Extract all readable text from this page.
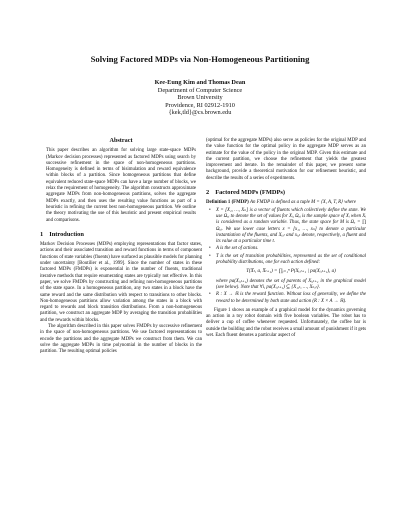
Solving Factored MDPs via Non-Homogeneous Partitioning
Kee-Eung Kim and Thomas Dean
Department of Computer Science
Brown University
Providence, RI 02912-1910
{kek,tld}@cs.brown.edu
Abstract

This paper describes an algorithm for solving large state-space MDPs (Markov decision processes) represented as factored MDPs using search by successive refinement in the space of non-homogeneous partitions. Homogeneity is defined in terms of bisimulation and reward equivalence within blocks of a partition. Since homogeneous partitions that define equivalent reduced state-space MDPs can have a large number of blocks, we relax the requirement of homogeneity. The algorithm constructs approximate aggregate MDPs from non-homogeneous partitions, solves the aggregate MDPs exactly, and then uses the resulting value functions as part of a heuristic in refining the current best non-homogeneous partition. We outline the theory motivating the use of this heuristic and present empirical results and comparisons.

1 Introduction

Markov Decision Processes (MDPs) employing representations that factor states, actions and their associated transition and reward functions in terms of component functions of state variables (fluents) have surfaced as plausible models for planning under uncertainty [Boutilier et al., 1999]. Since the number of states in these factored MDPs (FMDPs) is exponential in the number of fluents, traditional iterative methods that require enumerating states are typically not effective. In this paper, we solve FMDPs by constructing and refining non-homogeneous partitions of the state space. In a homogeneous partition, any two states in a block have the same reward and the same distribution with respect to transitions to other blocks. Non-homogeneous partitions allow variation among the states in a block with regard to rewards and block transition distributions. From a non-homogeneous partition, we construct an aggregate MDP by averaging the transition probabilities and the rewards within blocks.

The algorithm described in this paper solves FMDPs by successive refinement in the space of non-homogeneous partitions. We use factored representations to encode the partitions and the aggregate MDPs we construct from them. We can solve the aggregate MDPs in time polynomial in the number of blocks in the partition. The resulting optimal policies

(optimal for the aggregate MDPs) also serve as policies for the original MDP and the value function for the optimal policy in the aggregate MDP serves as an estimate for the value of the policy in the original MDP. Given this estimate and the current partition, we choose the refinement that yields the greatest improvement and iterate. In the remainder of this paper, we present some background, provide a theoretical motivation for our refinement heuristic, and describe the results of a series of experiments.

2 Factored MDPs (FMDPs)

Definition 1 (FMDP) An FMDP is defined as a tuple M = ⟨X, A, T, R⟩ where

• X = [X₁, …, Xₙ] is a vector of fluents which collectively define the state. We use Ωₓᵢ to denote the set of values for Xᵢ, Ωₓᵢ is the sample space of Xᵢ when Xᵢ is considered as a random variable. Thus, the state space for M is Ωₓ = ∏ Ωₓᵢ. We use lower case letters x = [x₁, …, xₙ] to denote a particular instantiation of the fluents, and Xᵢ,ₜ and xᵢ,ₜ denote, respectively, a fluent and its value at a particular time t.
• A is the set of actions.
• T is the set of transition probabilities, represented as the set of conditional probability distributions, one for each action defined:
T(X̄ₜ, a, X̄ₜ₊₁) = ∏ᵢ₌₁ⁿ P(Xᵢ,ₜ₊₁ | pa(Xᵢ,ₜ₊₁), a)
where pa(Xᵢ,ₜ₊₁) denotes the set of parents of Xᵢ,ₜ₊₁ in the graphical model (see below). Note that ∀i, pa(Xᵢ,ₜ₊₁) ⊆ {X₁,ₜ, …, Xₙ,ₜ}.
• R : X → ℝ is the reward function. Without loss of generality, we define the reward to be determined by both state and action (R : X × A → ℝ).

Figure 1 shows an example of a graphical model for the dynamics governing an action in a toy robot domain with five boolean variables. The robot has to deliver a cup of coffee whenever requested. Unfortunately, the coffee bar is outside the building and the robot receives a small amount of punishment if it gets wet. Each fluent denotes a particular aspect of
